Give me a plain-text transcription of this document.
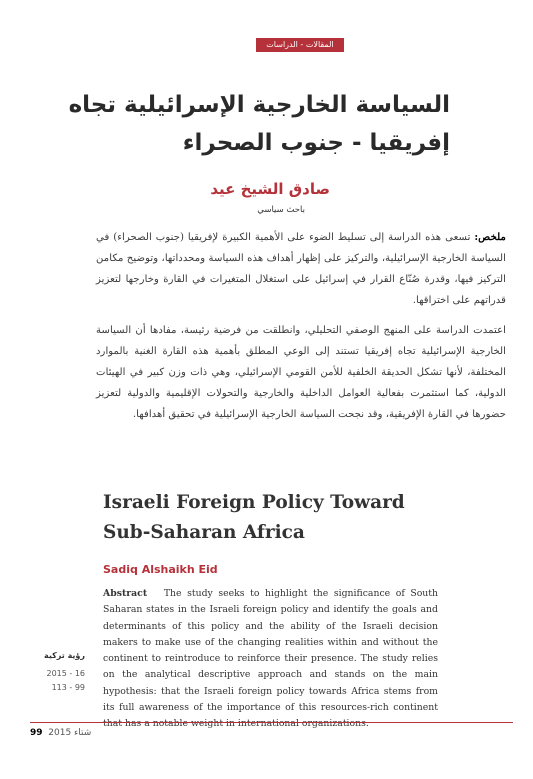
المقالات - الدراسات
السياسة الخارجية الإسرائيلية تجاه
إفريقيا - جنوب الصحراء
صادق الشيخ عيد
باحث سياسي
ملخص: تسعى هذه الدراسة إلى تسليط الضوء على الأهمية الكبيرة لإفريقيا (جنوب الصحراء) في السياسة الخارجية الإسرائيلية، والتركيز على إظهار أهداف هذه السياسة ومحدداتها، وتوضيح مكامن التركيز فيها، وقدرة صُنّاع القرار في إسرائيل على استغلال المتغيرات في القارة وخارجها لتعزيز قدراتهم على اختراقها.
اعتمدت الدراسة على المنهج الوصفي التحليلي، وانطلقت من فرضية رئيسة، مفادها أن السياسة الخارجية الإسرائيلية تجاه إفريقيا تستند إلى الوعي المطلق بأهمية هذه القارة الغنية بالموارد المختلفة، لأنها تشكل الحديقة الخلفية للأمن القومي الإسرائيلي، وهي ذات وزن كبير في الهيئات الدولية، كما استثمرت بفعالية العوامل الداخلية والخارجية والتحولات الإقليمية والدولية لتعزيز حضورها في القارة الإفريقية، وقد نجحت السياسة الخارجية الإسرائيلية في تحقيق أهدافها.
Israeli Foreign Policy Toward
Sub-Saharan Africa
Sadiq Alshaikh Eid
Abstract The study seeks to highlight the significance of South Saharan states in the Israeli foreign policy and identify the goals and determinants of this policy and the ability of the Israeli decision makers to make use of the changing realities within and without the continent to reintroduce to reinforce their presence. The study relies on the analytical descriptive approach and stands on the main hypothesis: that the Israeli foreign policy towards Africa stems from its full awareness of the importance of this resources-rich continent that has a notable weight in international organizations.
رؤية تركية
2015 - 16
113 - 99
99 شتاء 2015
